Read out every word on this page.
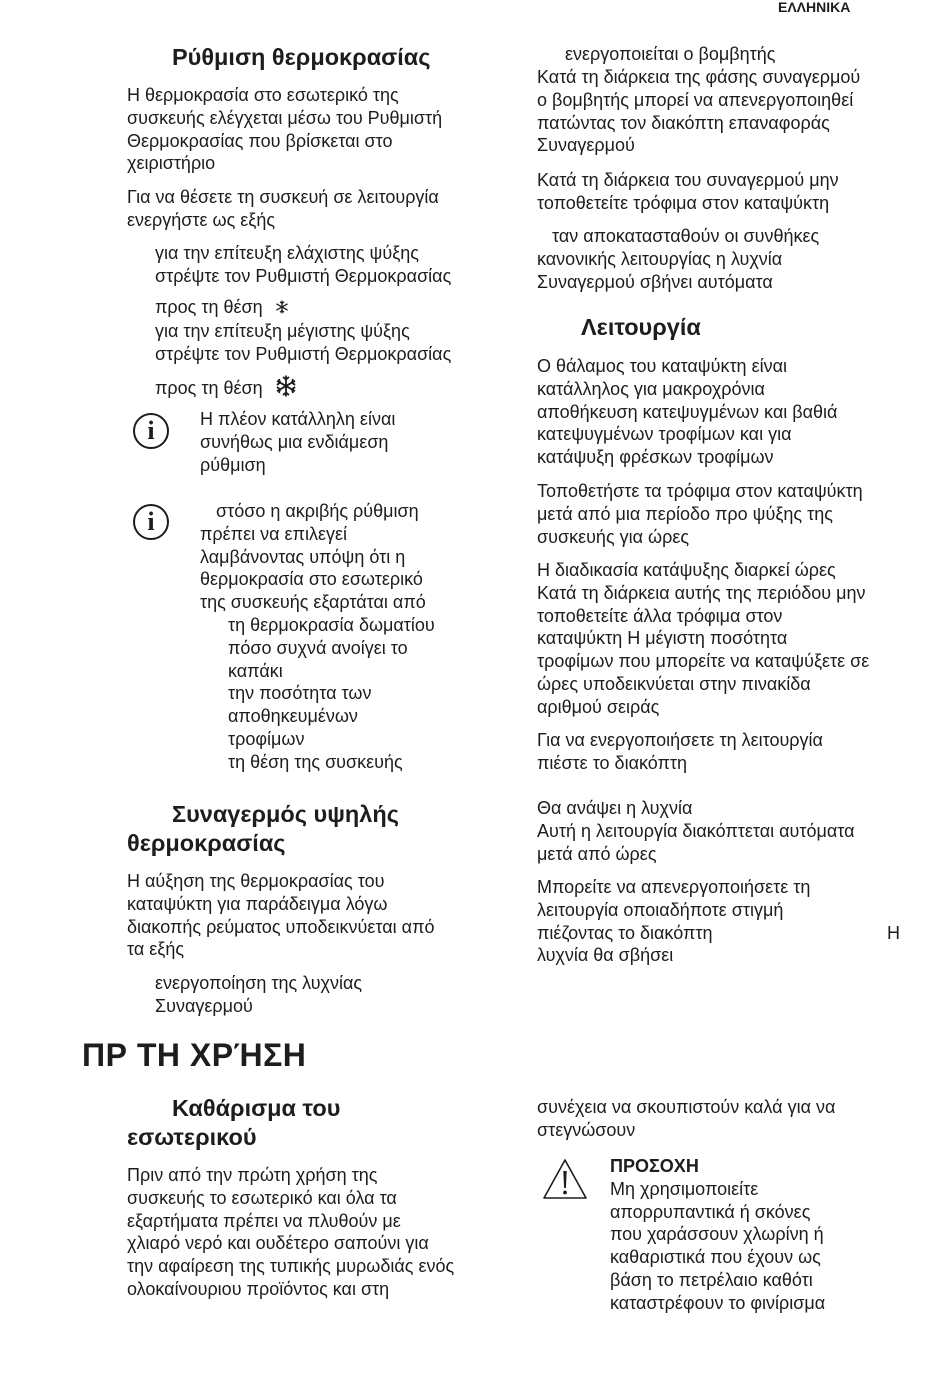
ΕΛΛΗΝΙΚΑ
Ρύθμιση θερμοκρασίας
Η θερμοκρασία στο εσωτερικό της
συσκευής ελέγχεται μέσω του Ρυθμιστή
Θερμοκρασίας που βρίσκεται στο
χειριστήριο
Για να θέσετε τη συσκευή σε λειτουργία
ενεργήστε ως εξής
για την επίτευξη ελάχιστης ψύξης
στρέψτε τον Ρυθμιστή Θερμοκρασίας
προς τη θέση
για την επίτευξη μέγιστης ψύξης
στρέψτε τον Ρυθμιστή Θερμοκρασίας
προς τη θέση
i	Η πλέον κατάλληλη είναι
συνήθως μια ενδιάμεση
ρύθμιση
i	στόσο η ακριβής ρύθμιση
πρέπει να επιλεγεί
λαμβάνοντας υπόψη ότι η
θερμοκρασία στο εσωτερικό
της συσκευής εξαρτάται από
τη θερμοκρασία δωματίου
πόσο συχνά ανοίγει το
καπάκι
την ποσότητα των
αποθηκευμένων
τροφίμων
τη θέση της συσκευής
Συναγερμός υψηλής
θερμοκρασίας
Η αύξηση της θερμοκρασίας του
καταψύκτη για παράδειγμα λόγω
διακοπής ρεύματος υποδεικνύεται από
τα εξής
ενεργοποίηση της λυχνίας
Συναγερμού
ενεργοποιείται ο βομβητής
Κατά τη διάρκεια της φάσης συναγερμού
ο βομβητής μπορεί να απενεργοποιηθεί
πατώντας τον διακόπτη επαναφοράς
Συναγερμού
Κατά τη διάρκεια του συναγερμού μην
τοποθετείτε τρόφιμα στον καταψύκτη
ταν αποκατασταθούν οι συνθήκες
κανονικής λειτουργίας η λυχνία
Συναγερμού σβήνει αυτόματα
Λειτουργία
Ο θάλαμος του καταψύκτη είναι
κατάλληλος για μακροχρόνια
αποθήκευση κατεψυγμένων και βαθιά
κατεψυγμένων τροφίμων και για
κατάψυξη φρέσκων τροφίμων
Τοποθετήστε τα τρόφιμα στον καταψύκτη
μετά από μια περίοδο προ ψύξης της
συσκευής για ώρες
Η διαδικασία κατάψυξης διαρκεί ώρες
Κατά τη διάρκεια αυτής της περιόδου μην
τοποθετείτε άλλα τρόφιμα στον
καταψύκτη Η μέγιστη ποσότητα
τροφίμων που μπορείτε να καταψύξετε σε
ώρες υποδεικνύεται στην πινακίδα
αριθμού σειράς
Για να ενεργοποιήσετε τη λειτουργία
πιέστε το διακόπτη
Θα ανάψει η λυχνία
Αυτή η λειτουργία διακόπτεται αυτόματα
μετά από ώρες
Μπορείτε να απενεργοποιήσετε τη
λειτουργία οποιαδήποτε στιγμή
πιέζοντας το διακόπτη
λυχνία θα σβήσει
Η
ΠΡ ΤΗ ΧΡΉΣΗ
Καθάρισμα του
εσωτερικού
Πριν από την πρώτη χρήση της
συσκευής το εσωτερικό και όλα τα
εξαρτήματα πρέπει να πλυθούν με
χλιαρό νερό και ουδέτερο σαπούνι για
την αφαίρεση της τυπικής μυρωδιάς ενός
ολοκαίνουριου προϊόντος και στη
συνέχεια να σκουπιστούν καλά για να
στεγνώσουν
ΠΡΟΣΟΧΗ
Μη χρησιμοποιείτε
απορρυπαντικά ή σκόνες
που χαράσσουν χλωρίνη ή
καθαριστικά που έχουν ως
βάση το πετρέλαιο καθότι
καταστρέφουν το φινίρισμα
